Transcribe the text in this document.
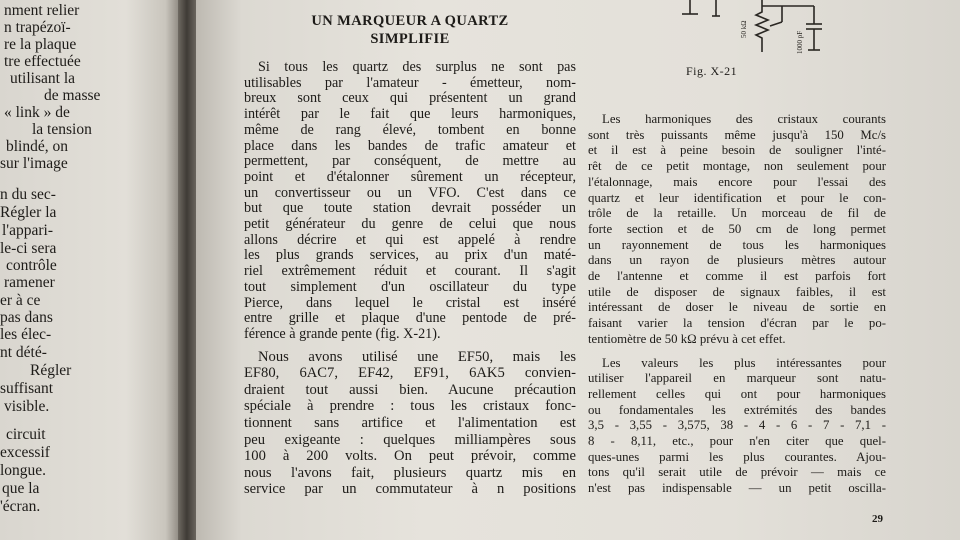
nment relier

n trapézoï-

re la plaque

tre effectuée

utilisant la

de masse

« link » de

la tension

blindé, on

sur l'image

n du sec-

Régler la

l'appari-

le-ci sera

contrôle

ramener

er à ce

pas dans

les élec-

nt dété-

Régler

suffisant

visible.

circuit

excessif

longue.

que la

'écran.

UN MARQUEUR A QUARTZ
SIMPLIFIE

Si tous les quartz des surplus ne sont pas
utilisables par l'amateur - émetteur, nom-
breux sont ceux qui présentent un grand
intérêt par le fait que leurs harmoniques,
même de rang élevé, tombent en bonne
place dans les bandes de trafic amateur et
permettent, par conséquent, de mettre au
point et d'étalonner sûrement un récepteur,
un convertisseur ou un VFO. C'est dans ce
but que toute station devrait posséder un
petit générateur du genre de celui que nous
allons décrire et qui est appelé à rendre
les plus grands services, au prix d'un maté-
riel extrêmement réduit et courant. Il s'agit
tout simplement d'un oscillateur du type
Pierce, dans lequel le cristal est inséré
entre grille et plaque d'une pentode de pré-
férence à grande pente (fig. X-21).

Nous avons utilisé une EF50, mais les
EF80, 6AC7, EF42, EF91, 6AK5 convien-
draient tout aussi bien. Aucune précaution
spéciale à prendre : tous les cristaux fonc-
tionnent sans artifice et l'alimentation est
peu exigeante : quelques milliampères sous
100 à 200 volts. On peut prévoir, comme
nous l'avons fait, plusieurs quartz mis en
service par un commutateur à n positions

50 kΩ
1000 pF

Fig. X-21

Les harmoniques des cristaux courants
sont très puissants même jusqu'à 150 Mc/s
et il est à peine besoin de souligner l'inté-
rêt de ce petit montage, non seulement pour
l'étalonnage, mais encore pour l'essai des
quartz et leur identification et pour le con-
trôle de la retaille. Un morceau de fil de
forte section et de 50 cm de long permet
un rayonnement de tous les harmoniques
dans un rayon de plusieurs mètres autour
de l'antenne et comme il est parfois fort
utile de disposer de signaux faibles, il est
intéressant de doser le niveau de sortie en
faisant varier la tension d'écran par le po-
tentiomètre de 50 kΩ prévu à cet effet.

Les valeurs les plus intéressantes pour
utiliser l'appareil en marqueur sont natu-
rellement celles qui ont pour harmoniques
ou fondamentales les extrémités des bandes
3,5 - 3,55 - 3,575, 38 - 4 - 6 - 7 - 7,1 -
8 - 8,11, etc., pour n'en citer que quel-
ques-unes parmi les plus courantes. Ajou-
tons qu'il serait utile de prévoir — mais ce
n'est pas indispensable — un petit oscilla-

29
